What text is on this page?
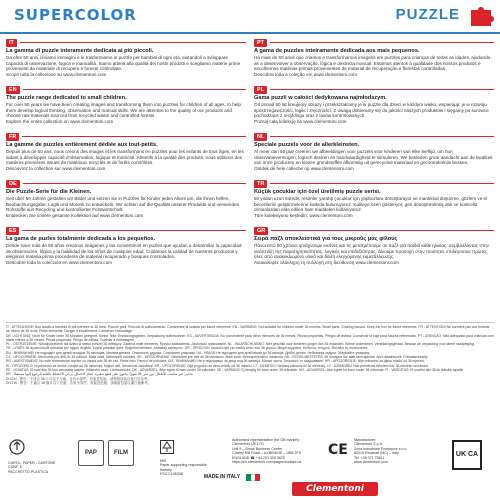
SUPERCOLOR	PUZZLE
IT
La gamma di puzzle interamente dedicata ai più piccoli.
Da oltre 50 anni creiamo immagini e le trasformiamo in puzzle per bambini di ogni età, aiutandoli a sviluppare capacità di osservazione, logica e manualità. Siamo attenti alla qualità dei nostri prodotti e scegliamo materie prime provenienti da materiale di recupero e foreste controllate.
Scopri tutta la collezione su www.clementoni.com
EN
The puzzle range dedicated to small children.
For over 50 years we have been creating images and transforming them into puzzles for children of all ages, to help them develop logical thinking, observation and manual skills. We are attentive to the quality of our products and choose raw materials sourced from recycled waste and controlled forests.
Explore the entire collection on www.clementoni.com
FR
La gamme de puzzles entièrement dédiée aux tout-petits.
Depuis plus de 50 ans, nous créons des images et les transformons en puzzles pour les enfants de tous âges, en les aidant à développer capacité d'observation, logique et motricité. Attentifs à la qualité des produits, nous utilisons des matières premières issues de matériaux recyclés et de forêts contrôlées.
Découvrez la collection sur www.clementoni.com
DE
Die Puzzle-Serie für die Kleinen.
Seit über 50 Jahren gestalten wir Bilder und setzen sie in Puzzles für Kinder jeden Alters um, die ihnen helfen, Beobachtungsgabe, Logik und Motorik zu entwickeln. Wir achten auf die Qualität unserer Produkte und verwenden Rohstoffe aus Recycling und kontrollierter Forstwirtschaft.
Entdecken Sie unsere gesamte Kollektion auf www.clementoni.com
ES
La gama de puzles totalmente dedicada a los pequeños.
Desde hace más de 50 años creamos imágenes y las convertimos en puzles que ayudan a desarrollar la capacidad de observación, lógica y la habilidad de los niños de cualquier edad. Cuidamos la calidad de nuestros productos y elegimos materia prima procedente de material recuperado y bosques controlados.
Descubre toda la colección en www.clementoni.com
PT
A gama de puzzles inteiramente dedicada aos mais pequenos.
Há mais de 50 anos que criamos e transformamos imagens em puzzles para crianças de todas as idades, ajudando-as a desenvolver a observação, lógica e destreza manual. Estamos atentos à qualidade dos nossos produtos e escolhemos matérias-primas provenientes de material de recuperação e florestas controladas.
Descubra toda a coleção em www.clementoni.com
PL
Gama puzzli w całości dedykowana najmłodszym.
Od ponad 50 lat kreujemy obrazy i przekształcamy je w puzzle dla dzieci w każdym wieku, wspierając je w rozwoju spostrzegawczości, logiki i zręczności. Z uwagą dobieramy się do jakości naszych produktów i sięgamy po surowce pochodzące z recyklingu oraz z lasów kontrolowanych.
Poznaj całą kolekcję na www.clementoni.com
NL
Speciale puzzels voor de allerkleinsten.
Al meer dan 50 jaar creëren we afbeeldingen voor puzzels voor kinderen van elke leeftijd, om hun observatievermogen, logisch denken en handvaardigheid te stimuleren. We besteden grote aandacht aan de kwaliteit van onze producten en kiezen grondstoffen afkomstig uit gerecycled materiaal en gecontroleerde bossen.
Ontdek de hele collectie op www.clementoni.com
TR
Küçük çocuklar için özel üretilmiş puzzle serisi.
50 yıldan uzun süredir, resimler yaratıp çocuklar için yapbozlara dönüştürüyor ve mantıksal düşünme, gözlem ve el becerilerini geliştirmelerine katkıda bulunuyoruz. Kaliteye özen gösteriyor, geri dönüştürülmüş atık ve kontrollü ormanlardan elde edilen ham maddeleri kullanıyoruz.
Tüm koleksiyonu keşfedin: www.clementoni.com
GR
Σειρά παζλ αποκλειστικά για τους μικρούς μας φίλους
Πάνω από 50 χρόνια, φτιάχνουμε εικόνες και τις μετατρέπουμε σε παζλ για παιδιά κάθε ηλικίας, συμβάλλοντας στην ανάπτυξη της παρατηρητικότητας, λογικής και επιδεξιότητας. Δίνουμε προσοχή στην ποιότητα, επιλέγοντας πρώτες ύλες από ανακυκλωμένο υλικό και δάση ελεγχόμενης εκμετάλλευσης.
Ανακαλύψτε ολόκληρη τη συλλογή στη διεύθυνση www.clementoni.com
IT - ATTENZIONE! Non adatto a bambini di età inferiore ai 36 mesi. Piccole parti. Pericolo di soffocamento. Conservare la scatola per future referenze. EN - WARNING: Not suitable for children under 36 months. Small parts. Choking hazard. Keep the box for future reference. FR - ATTENTION! Ne convient pas aux enfants de moins de 36 mois. Petits éléments. Danger d'étouffement. Conserver l'emballage.
DE - ACHTUNG: Nicht für Kinder unter 36 Monaten geeignet. Kleine Teile. Erstickungsgefahr. Verpackung aufbewahren. ES - ADVERTENCIA: No conveniente para niños menores de 36 meses. Piezas pequeñas. Peligro de asfixia. Conservar la caja para futuras referencias. PT - ATENÇÃO: Não adequado para crianças com idade inferior a 36 meses. Peças pequenas. Perigo de asfixia. Guardar a embalagem.
PL - OSTRZEŻENIE: Nieodpowiednie dla dzieci w wieku poniżej 36 miesięcy. Zawiera małe elementy. Ryzyko zadławienia. Zachować opakowanie. NL - WAARSCHUWING: Niet geschikt voor kinderen jonger dan 36 maanden. Kleine onderdelen. Verstikkingsgevaar. Bewaar de verpakking voor latere raadpleging.
TR - UYARI: 36 aydan küçük çocuklar için uygun değildir. Küçük parçalar içerir. Boğulma tehlikesi. Ambalajı saklayınız. GR - ΠΡΟΣΟΧΗ: Ακατάλληλο για παιδιά κάτω των 36 μηνών. Μικρά κομμάτια. Κίνδυνος πνιγμού. Φυλάξτε τη συσκευασία.
RU - ВНИМАНИЕ! Не подходит для детей младше 36 месяцев. Мелкие детали. Опасность удушья. Сохраните упаковку. UA - УВАГА! Не підходить для дітей віком до 36 місяців. Дрібні деталі. Небезпека задухи. Зберігайте упаковку.
CZ - UPOZORNĚNÍ: Nevhodné pro děti do 36 měsíců. Malé části. Nebezpečí udušení. SK - UPOZORNENIE: Nevhodné pre deti do 36 mesiacov. Malé časti. Nebezpečenstvo udusenia. HU - FIGYELMEZTETÉS: 36 hónapos kor alatt nem ajánlott. Apró alkatrészek. Fulladásveszély.
RO - AVERTISMENT: Nu este recomandat copiilor cu vârsta sub 36 de luni. Piese mici. Pericol de sufocare. BG - ВНИМАНИЕ! Не е подходящо за деца под 36 месеца. Малки части. Опасност от задушаване. HR - UPOZORENJE: Nije prikladno za djecu mlađu od 36 mjeseci.
SI - OPOZORILO: Ni primerno za otroke, mlajše od 36 mesecev. Majhni deli. Nevarnost zadušitve. SR - UPOZORENJE: Nije pogodno za decu mlađu od 36 meseci. LT - DĖMESIO: Netinka vaikams iki 36 mėnesių. LV - UZMANĪBU: Nav piemērots bērniem līdz 36 mēnešu vecumam.
EE - HOIATUS: Ei sobi alla 36 kuu vanustele lastele. Väikesed osad. Lämbumisoht. DK - ADVARSEL: Ikke egnet til børn under 36 måneder. SE - VARNING! Ej lämplig för barn under 36 månader. NO - ADVARSEL: Ikke egnet for barn under 36 måneder. FI - VAROITUS: Ei sovellu alle 36 kk ikäisille lapsille.
AR - تحذير: غير مناسب للأطفال دون سن 36 شهرًا. يحتوي على قطع صغيرة. خطر الاختناق. يُرجى الاحتفاظ بالعلبة للرجوع إليها مستقبلاً.
ZH-CN - 警告：不适合 36 个月以下儿童。含有小部件，有窒息危险。请保留包装以备日后参考。
ZH-TW - 警告：不適合 36 個月以下兒童。含有小零件，有窒息危險。請保留包裝以備日後參考。
CARTA - PAPER - CARTONE
CONF. E
PACCHETTO PLASTICA
PAP	FILM
MIX
Paper supporting responsible forestry
FSC C106308
Authorised representative (for GB market):
Clementoni UK LTD
Unit 9 – Brook Business Centre
Cowley Mill Road – UXBRIDGE – UB8 2FX
ENGLAND ☎ +44 203 303 3820
https://en.clementoni.com/pages/contact-us
CE
Manufacturer:
Clementoni S.p.A.
Zona Industriale Fontenoce s.n.c.
62019 Recanati (MC) – Italy
Tel. +39 071 75811
www.clementoni.com
UK CA
MADE IN ITALY
Clementoni
